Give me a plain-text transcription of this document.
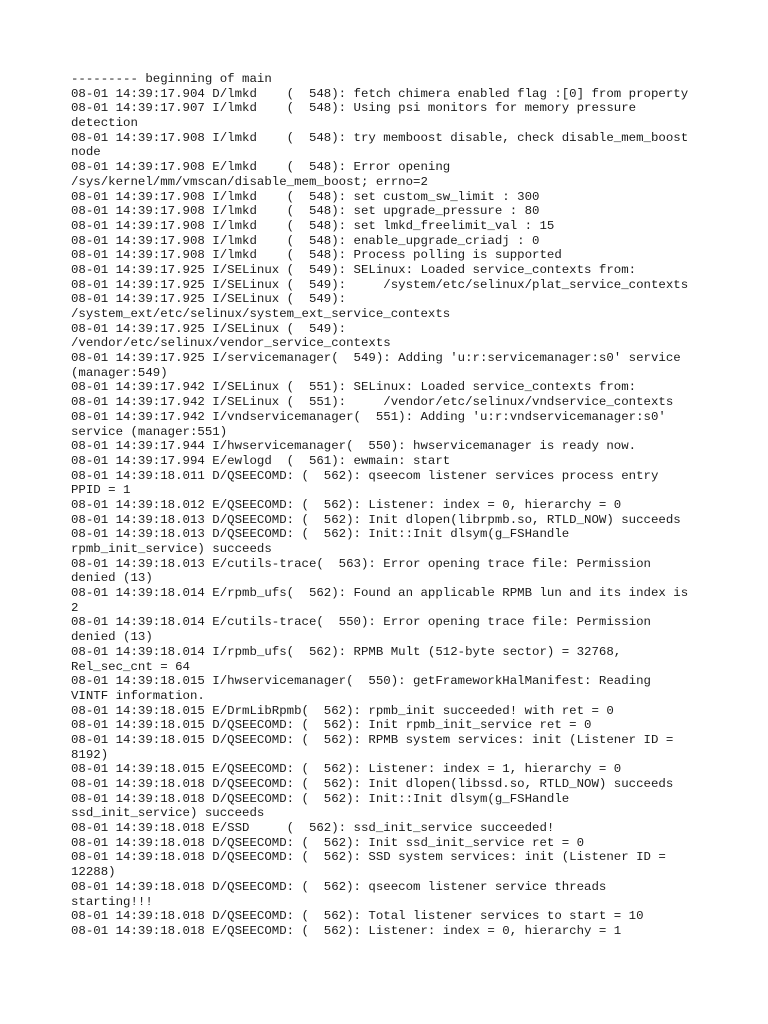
--------- beginning of main
08-01 14:39:17.904 D/lmkd    (  548): fetch chimera enabled flag :[0] from property
08-01 14:39:17.907 I/lmkd    (  548): Using psi monitors for memory pressure
detection
08-01 14:39:17.908 I/lmkd    (  548): try memboost disable, check disable_mem_boost
node
08-01 14:39:17.908 E/lmkd    (  548): Error opening
/sys/kernel/mm/vmscan/disable_mem_boost; errno=2
08-01 14:39:17.908 I/lmkd    (  548): set custom_sw_limit : 300
08-01 14:39:17.908 I/lmkd    (  548): set upgrade_pressure : 80
08-01 14:39:17.908 I/lmkd    (  548): set lmkd_freelimit_val : 15
08-01 14:39:17.908 I/lmkd    (  548): enable_upgrade_criadj : 0
08-01 14:39:17.908 I/lmkd    (  548): Process polling is supported
08-01 14:39:17.925 I/SELinux (  549): SELinux: Loaded service_contexts from:
08-01 14:39:17.925 I/SELinux (  549):     /system/etc/selinux/plat_service_contexts
08-01 14:39:17.925 I/SELinux (  549):
/system_ext/etc/selinux/system_ext_service_contexts
08-01 14:39:17.925 I/SELinux (  549):
/vendor/etc/selinux/vendor_service_contexts
08-01 14:39:17.925 I/servicemanager(  549): Adding 'u:r:servicemanager:s0' service
(manager:549)
08-01 14:39:17.942 I/SELinux (  551): SELinux: Loaded service_contexts from:
08-01 14:39:17.942 I/SELinux (  551):     /vendor/etc/selinux/vndservice_contexts
08-01 14:39:17.942 I/vndservicemanager(  551): Adding 'u:r:vndservicemanager:s0'
service (manager:551)
08-01 14:39:17.944 I/hwservicemanager(  550): hwservicemanager is ready now.
08-01 14:39:17.994 E/ewlogd  (  561): ewmain: start
08-01 14:39:18.011 D/QSEECOMD: (  562): qseecom listener services process entry
PPID = 1
08-01 14:39:18.012 E/QSEECOMD: (  562): Listener: index = 0, hierarchy = 0
08-01 14:39:18.013 D/QSEECOMD: (  562): Init dlopen(librpmb.so, RTLD_NOW) succeeds
08-01 14:39:18.013 D/QSEECOMD: (  562): Init::Init dlsym(g_FSHandle
rpmb_init_service) succeeds
08-01 14:39:18.013 E/cutils-trace(  563): Error opening trace file: Permission
denied (13)
08-01 14:39:18.014 E/rpmb_ufs(  562): Found an applicable RPMB lun and its index is
2
08-01 14:39:18.014 E/cutils-trace(  550): Error opening trace file: Permission
denied (13)
08-01 14:39:18.014 I/rpmb_ufs(  562): RPMB Mult (512-byte sector) = 32768,
Rel_sec_cnt = 64
08-01 14:39:18.015 I/hwservicemanager(  550): getFrameworkHalManifest: Reading
VINTF information.
08-01 14:39:18.015 E/DrmLibRpmb(  562): rpmb_init succeeded! with ret = 0
08-01 14:39:18.015 D/QSEECOMD: (  562): Init rpmb_init_service ret = 0
08-01 14:39:18.015 D/QSEECOMD: (  562): RPMB system services: init (Listener ID =
8192)
08-01 14:39:18.015 E/QSEECOMD: (  562): Listener: index = 1, hierarchy = 0
08-01 14:39:18.018 D/QSEECOMD: (  562): Init dlopen(libssd.so, RTLD_NOW) succeeds
08-01 14:39:18.018 D/QSEECOMD: (  562): Init::Init dlsym(g_FSHandle
ssd_init_service) succeeds
08-01 14:39:18.018 E/SSD     (  562): ssd_init_service succeeded!
08-01 14:39:18.018 D/QSEECOMD: (  562): Init ssd_init_service ret = 0
08-01 14:39:18.018 D/QSEECOMD: (  562): SSD system services: init (Listener ID =
12288)
08-01 14:39:18.018 D/QSEECOMD: (  562): qseecom listener service threads
starting!!!
08-01 14:39:18.018 D/QSEECOMD: (  562): Total listener services to start = 10
08-01 14:39:18.018 E/QSEECOMD: (  562): Listener: index = 0, hierarchy = 1
